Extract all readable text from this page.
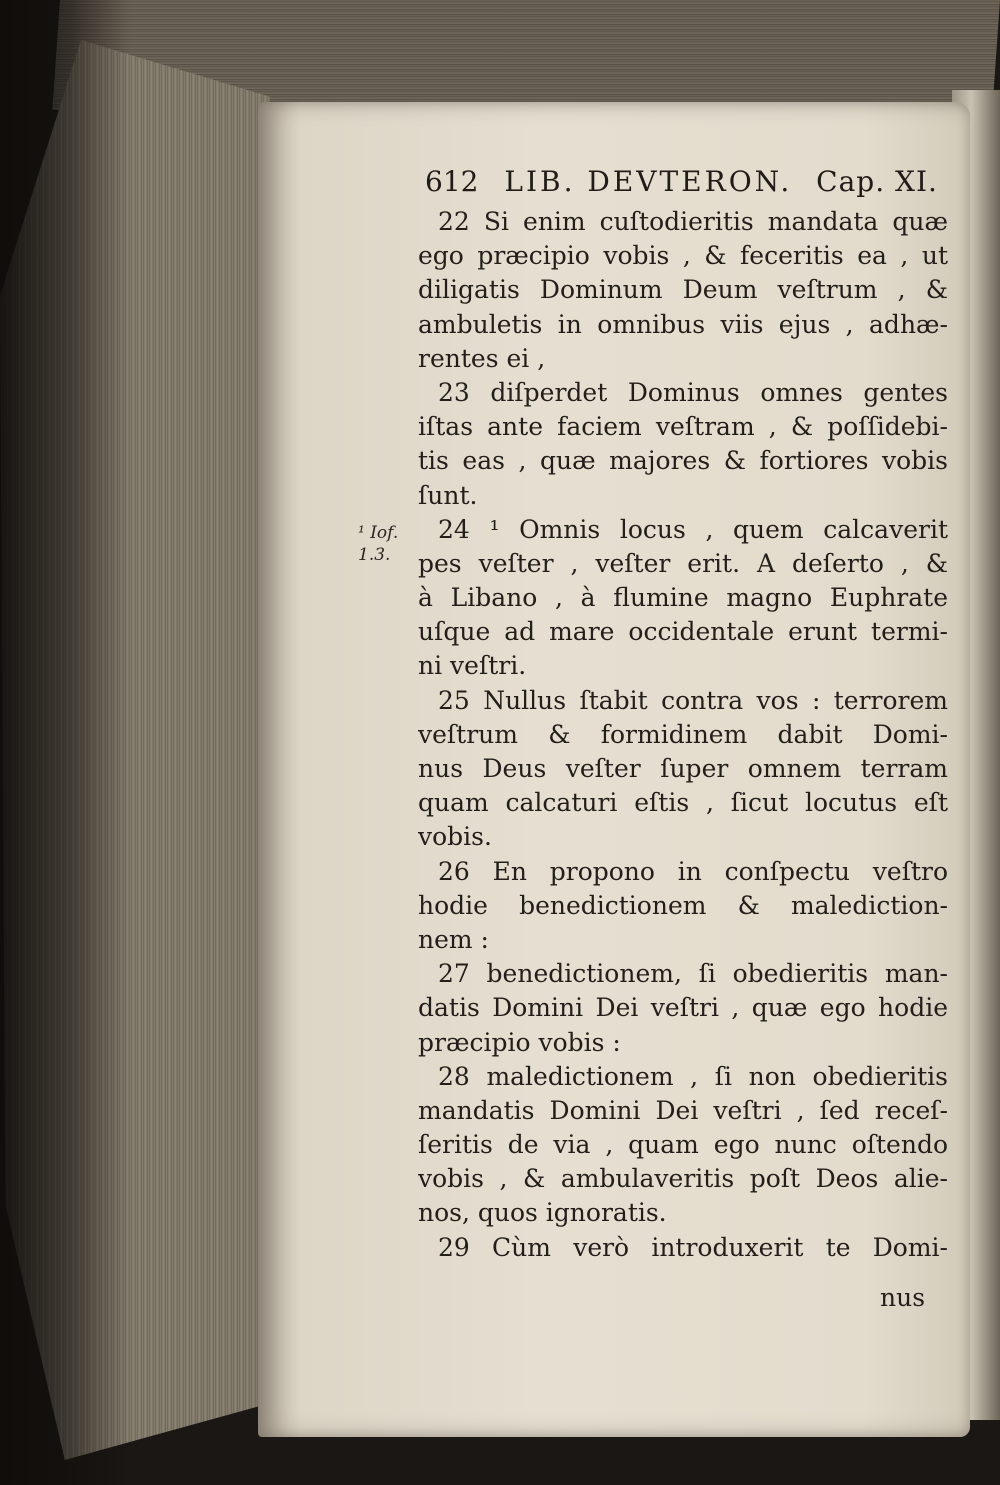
612 LIB. DEVTERON. Cap. XI.
¹ Iof.
1.3.
22 Si enim cuſtodieritis mandata quæ
ego præcipio vobis , & feceritis ea , ut
diligatis Dominum Deum veſtrum , &
ambuletis in omnibus viis ejus , adhæ-
rentes ei ,
23 diſperdet Dominus omnes gentes
iſtas ante faciem veſtram , & poſſidebi-
tis eas , quæ majores & fortiores vobis
ſunt.
24 ¹ Omnis locus , quem calcaverit
pes veſter , veſter erit. A deſerto , &
à Libano , à flumine magno Euphrate
uſque ad mare occidentale erunt termi-
ni veſtri.
25 Nullus ſtabit contra vos : terrorem
veſtrum & formidinem dabit Domi-
nus Deus veſter ſuper omnem terram
quam calcaturi eſtis , ſicut locutus eſt
vobis.
26 En propono in conſpectu veſtro
hodie benedictionem & malediction-
nem :
27 benedictionem, ſi obedieritis man-
datis Domini Dei veſtri , quæ ego hodie
præcipio vobis :
28 maledictionem , ſi non obedieritis
mandatis Domini Dei veſtri , ſed receſ-
ſeritis de via , quam ego nunc oſtendo
vobis , & ambulaveritis poſt Deos alie-
nos, quos ignoratis.
29 Cùm verò introduxerit te Domi-
nus
